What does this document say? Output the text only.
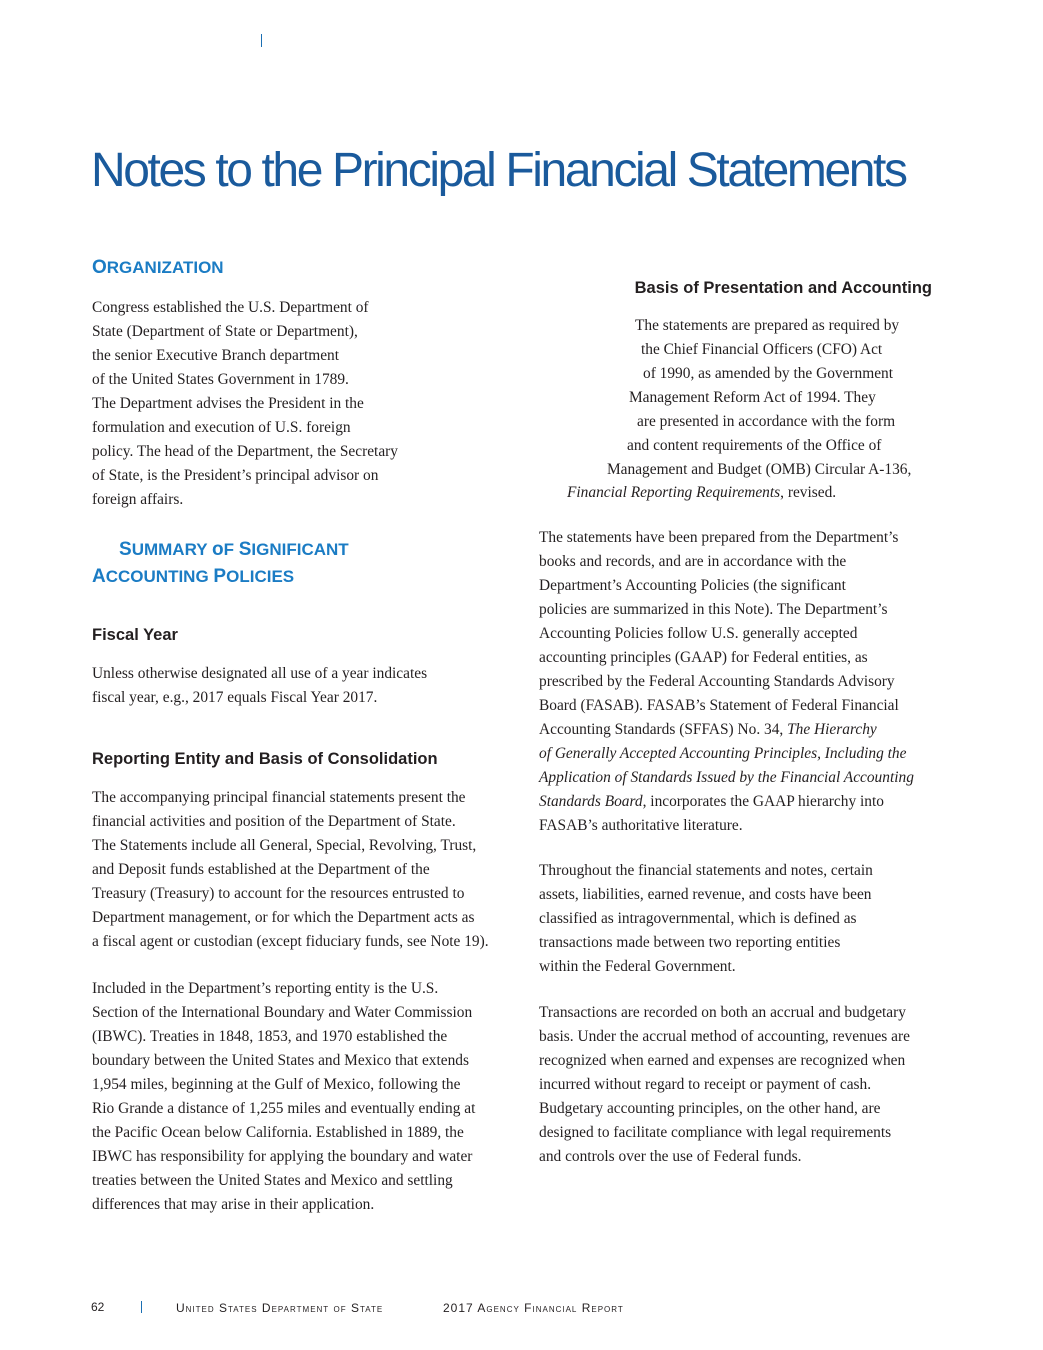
Notes to the Principal Financial Statements
ORGANIZATION

Congress established the U.S. Department of

State (Department of State or Department),

the senior Executive Branch department

of the United States Government in 1789.

The Department advises the President in the

formulation and execution of U.S. foreign

policy. The head of the Department, the Secretary

of State, is the President’s principal advisor on

foreign affairs.

SUMMARY oF SIGNIFICANT
ACCOUNTING POLICIES
Fiscal Year

Unless otherwise designated all use of a year indicates

fiscal year, e.g., 2017 equals Fiscal Year 2017.

Reporting Entity and Basis of Consolidation

The accompanying principal financial statements present the

financial activities and position of the Department of State.

The Statements include all General, Special, Revolving, Trust,

and Deposit funds established at the Department of the

Treasury (Treasury) to account for the resources entrusted to

Department management, or for which the Department acts as

a fiscal agent or custodian (except fiduciary funds, see Note 19).

Included in the Department’s reporting entity is the U.S.

Section of the International Boundary and Water Commission

(IBWC). Treaties in 1848, 1853, and 1970 established the

boundary between the United States and Mexico that extends

1,954 miles, beginning at the Gulf of Mexico, following the

Rio Grande a distance of 1,255 miles and eventually ending at

the Pacific Ocean below California. Established in 1889, the

IBWC has responsibility for applying the boundary and water

treaties between the United States and Mexico and settling

differences that may arise in their application.

Basis of Presentation and Accounting

The statements are prepared as required by

the Chief Financial Officers (CFO) Act

of 1990, as amended by the Government

Management Reform Act of 1994. They

are presented in accordance with the form

and content requirements of the Office of

Management and Budget (OMB) Circular A-136,

Financial Reporting Requirements, revised.

The statements have been prepared from the Department’s

books and records, and are in accordance with the

Department’s Accounting Policies (the significant

policies are summarized in this Note). The Department’s

Accounting Policies follow U.S. generally accepted

accounting principles (GAAP) for Federal entities, as

prescribed by the Federal Accounting Standards Advisory

Board (FASAB). FASAB’s Statement of Federal Financial

Accounting Standards (SFFAS) No. 34, The Hierarchy

of Generally Accepted Accounting Principles, Including the

Application of Standards Issued by the Financial Accounting

Standards Board, incorporates the GAAP hierarchy into

FASAB’s authoritative literature.

Throughout the financial statements and notes, certain

assets, liabilities, earned revenue, and costs have been

classified as intragovernmental, which is defined as

transactions made between two reporting entities

within the Federal Government.

Transactions are recorded on both an accrual and budgetary

basis. Under the accrual method of accounting, revenues are

recognized when earned and expenses are recognized when

incurred without regard to receipt or payment of cash.

Budgetary accounting principles, on the other hand, are

designed to facilitate compliance with legal requirements

and controls over the use of Federal funds.

62	United States Department of State	2017 Agency Financial Report
